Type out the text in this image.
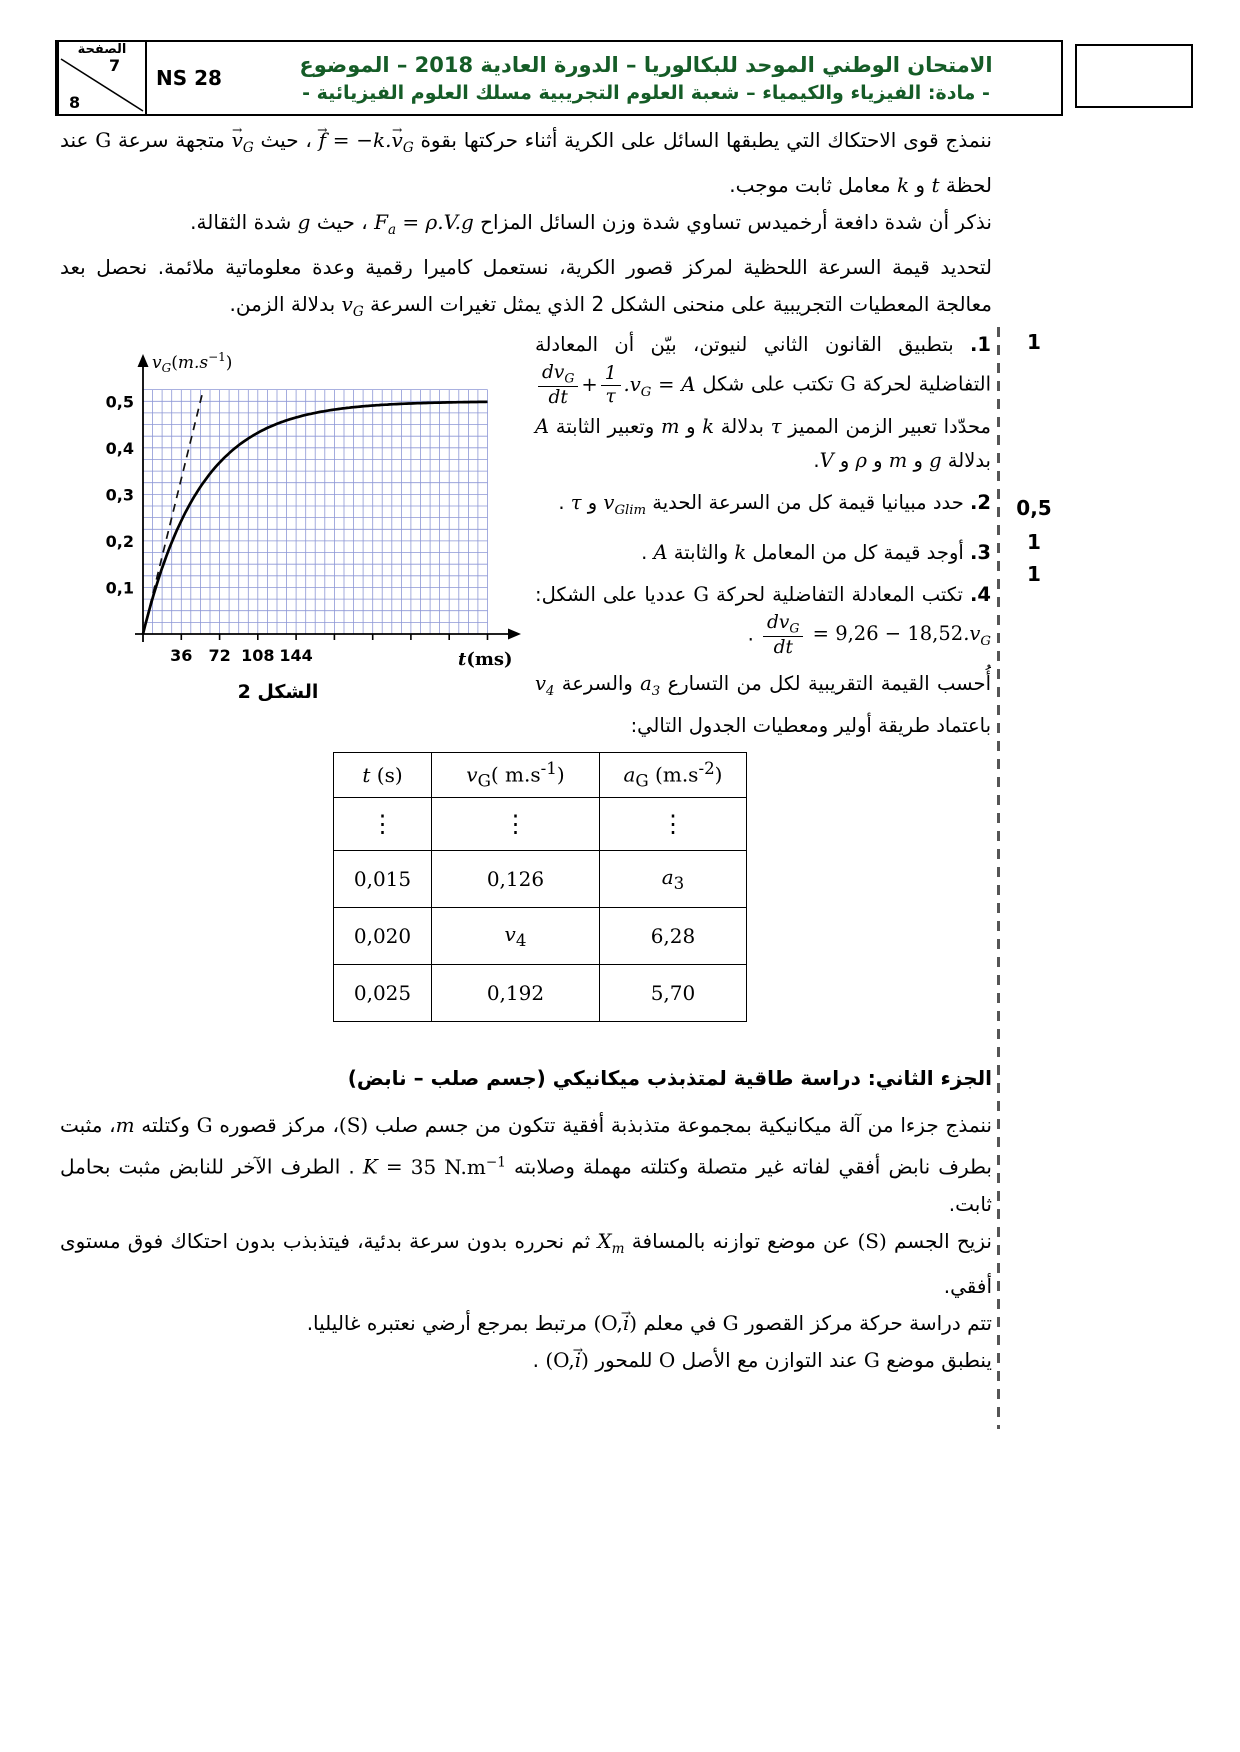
الصفحة
7
8
NS 28
الامتحان الوطني الموحد للبكالوريا – الدورة العادية 2018 – الموضوع
- مادة: الفيزياء والكيمياء – شعبة العلوم التجريبية مسلك العلوم الفيزيائية -
ننمذج قوى الاحتكاك التي يطبقها السائل على الكرية أثناء حركتها بقوة f → = $-k.v \to_G$ ، حيث $v \to_G$ متجهة سرعة G عند لحظة t و k معامل ثابت موجب.
نذكر أن شدة دافعة أرخميدس تساوي شدة وزن السائل المزاح $F_a = \rho.V.g$ ، حيث g شدة الثقالة.
لتحديد قيمة السرعة اللحظية لمركز قصور الكرية، نستعمل كاميرا رقمية وعدة معلوماتية ملائمة. نحصل بعد معالجة المعطيات التجريبية على منحنى الشكل 2 الذي يمثل تغيرات السرعة $v_G$ بدلالة الزمن.
36 72 108 144
0,1
0,2
0,3
0,4
0,5
$v_G(m.s^{-1})$
t(ms)
الشكل 2
1. بتطبيق القانون الثاني لنيوتن، بيّن أن المعادلة التفاضلية لحركة G تكتب على شكل
$\frac{dv_G}{dt} + \frac{1}{\tau} .v_G = A$ محدّدا تعبير الزمن المميز τ بدلالة k و m وتعبير الثابتة A بدلالة g و m و ρ و V.
2. حدد مبيانيا قيمة كل من السرعة الحدية $v_{Glim}$ و τ .
3. أوجد قيمة كل من المعامل k والثابتة A .
4. تكتب المعادلة التفاضلية لحركة G عدديا على الشكل:
$\frac{dv_G}{dt} = 9,26 - 18,52.v_G$ .
أُحسب القيمة التقريبية لكل من التسارع $a_3$ والسرعة $v_4$ باعتماد طريقة أولير ومعطيات الجدول التالي:
t (s)	$v_G$( $m.s^{-1}$)	$a_G$ $(m.s^{-2})$
⋮	⋮	⋮
0,015	0,126	$a_3$
0,020	$v_4$	6,28
0,025	0,192	5,70
الجزء الثاني: دراسة طاقية لمتذبذب ميكانيكي (جسم صلب – نابض)
ننمذج جزءا من آلة ميكانيكية بمجموعة متذبذبة أفقية تتكون من جسم صلب (S)، مركز قصوره G وكتلته m، مثبت بطرف نابض أفقي لفاته غير متصلة وكتلته مهملة وصلابته K = 35 $N.m^{-1}$ . الطرف الآخر للنابض مثبت بحامل ثابت.
نزيح الجسم (S) عن موضع توازنه بالمسافة $X_m$ ثم نحرره بدون سرعة بدئية، فيتذبذب بدون احتكاك فوق مستوى أفقي.
تتم دراسة حركة مركز القصور G في معلم (O,i →) مرتبط بمرجع أرضي نعتبره غاليليا.
ينطبق موضع G عند التوازن مع الأصل O للمحور (O,i →) .
1
0,5
1
1
